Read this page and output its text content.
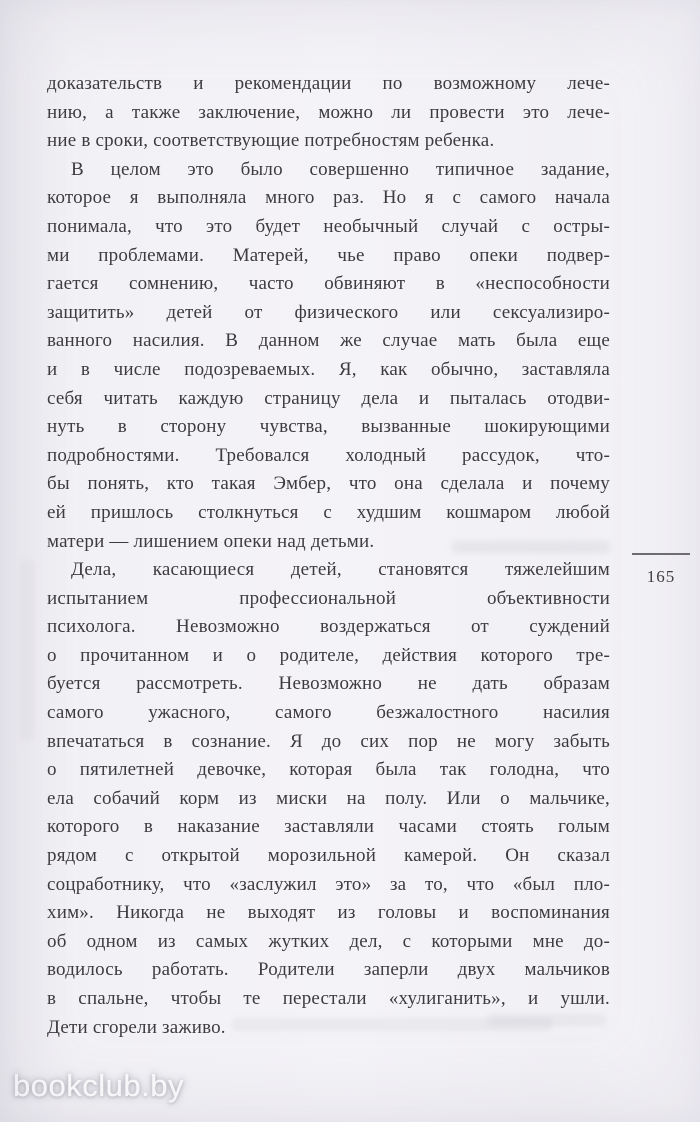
доказательств и рекомендации по возможному лече-
нию, а также заключение, можно ли провести это лече-
ние в сроки, соответствующие потребностям ребенка.
В целом это было совершенно типичное задание,
которое я выполняла много раз. Но я с самого начала
понимала, что это будет необычный случай с остры-
ми проблемами. Матерей, чье право опеки подвер-
гается сомнению, часто обвиняют в «неспособности
защитить» детей от физического или сексуализиро-
ванного насилия. В данном же случае мать была еще
и в числе подозреваемых. Я, как обычно, заставляла
себя читать каждую страницу дела и пыталась отодви-
нуть в сторону чувства, вызванные шокирующими
подробностями. Требовался холодный рассудок, что-
бы понять, кто такая Эмбер, что она сделала и почему
ей пришлось столкнуться с худшим кошмаром любой
матери — лишением опеки над детьми.
Дела, касающиеся детей, становятся тяжелейшим
испытанием профессиональной объективности
психолога. Невозможно воздержаться от суждений
о прочитанном и о родителе, действия которого тре-
буется рассмотреть. Невозможно не дать образам
самого ужасного, самого безжалостного насилия
впечататься в сознание. Я до сих пор не могу забыть
о пятилетней девочке, которая была так голодна, что
ела собачий корм из миски на полу. Или о мальчике,
которого в наказание заставляли часами стоять голым
рядом с открытой морозильной камерой. Он сказал
соцработнику, что «заслужил это» за то, что «был пло-
хим». Никогда не выходят из головы и воспоминания
об одном из самых жутких дел, с которыми мне до-
водилось работать. Родители заперли двух мальчиков
в спальне, чтобы те перестали «хулиганить», и ушли.
Дети сгорели заживо.
165
bookclub.by
